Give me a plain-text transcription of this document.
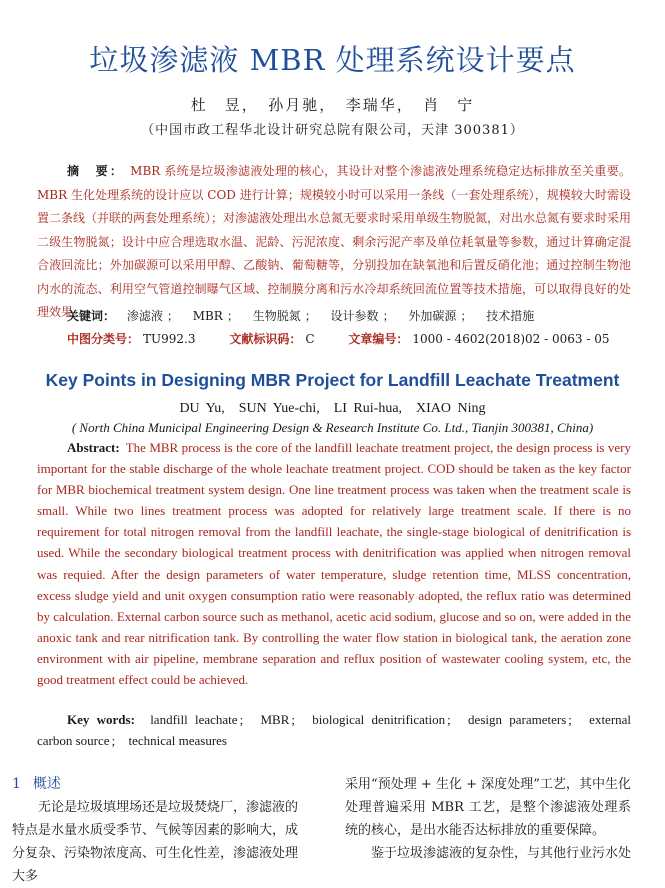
垃圾渗滤液 MBR 处理系统设计要点
杜　昱，　孙月驰，　李瑞华，　肖　宁
（中国市政工程华北设计研究总院有限公司，天津 300381）
摘　要： MBR 系统是垃圾渗滤液处理的核心，其设计对整个渗滤液处理系统稳定达标排放至关重要。MBR 生化处理系统的设计应以 COD 进行计算；规模较小时可以采用一条线（一套处理系统），规模较大时需设置二条线（并联的两套处理系统）；对渗滤液处理出水总氮无要求时采用单级生物脱氮，对出水总氮有要求时采用二级生物脱氮；设计中应合理选取水温、泥龄、污泥浓度、剩余污泥产率及单位耗氧量等参数，通过计算确定混合液回流比；外加碳源可以采用甲醇、乙酸钠、葡萄糖等，分别投加在缺氧池和后置反硝化池；通过控制生物池内水的流态、利用空气管道控制曝气区域、控制膜分离和污水冷却系统回流位置等技术措施，可以取得良好的处理效果。
关键词： 渗滤液 ； MBR ； 生物脱氮 ； 设计参数 ； 外加碳源 ； 技术措施
中图分类号： TU992.3	文献标识码： C	文章编号： 1000 - 4602(2018)02 - 0063 - 05
Key Points in Designing MBR Project for Landfill Leachate Treatment
DU Yu,　SUN Yue-chi,　LI Rui-hua,　XIAO Ning
( North China Municipal Engineering Design & Research Institute Co. Ltd., Tianjin 300381, China)
Abstract: The MBR process is the core of the landfill leachate treatment project, the design process is very important for the stable discharge of the whole leachate treatment project. COD should be taken as the key factor for MBR biochemical treatment system design. One line treatment process was taken when the treatment scale is small. While two lines treatment process was adopted for relatively large treatment scale. If there is no requirement for total nitrogen removal from the landfill leachate, the single-stage biological of denitrification is used. While the secondary biological treatment process with denitrification was applied when nitrogen removal was requied. After the design parameters of water temperature, sludge retention time, MLSS concentration, excess sludge yield and unit oxygen consumption ratio were reasonably adopted, the reflux ratio was determined by calculation. External carbon source such as methanol, acetic acid sodium, glucose and so on, were added in the anoxic tank and rear nitrification tank. By controlling the water flow station in biological tank, the aeration zone environment with air pipeline, membrane separation and reflux position of wastewater cooling system, etc, the good treatment effect could be achieved.
Key words: landfill leachate ; MBR ; biological denitrification ; design parameters ; external carbon source ; technical measures
1 概述
无论是垃圾填埋场还是垃圾焚烧厂，渗滤液的特点是水量水质受季节、气候等因素的影响大，成分复杂、污染物浓度高、可生化性差，渗滤液处理大多
采用“预处理 + 生化 + 深度处理”工艺，其中生化处理普遍采用 MBR 工艺，是整个渗滤液处理系统的核心，是出水能否达标排放的重要保障。
鉴于垃圾渗滤液的复杂性，与其他行业污水处
